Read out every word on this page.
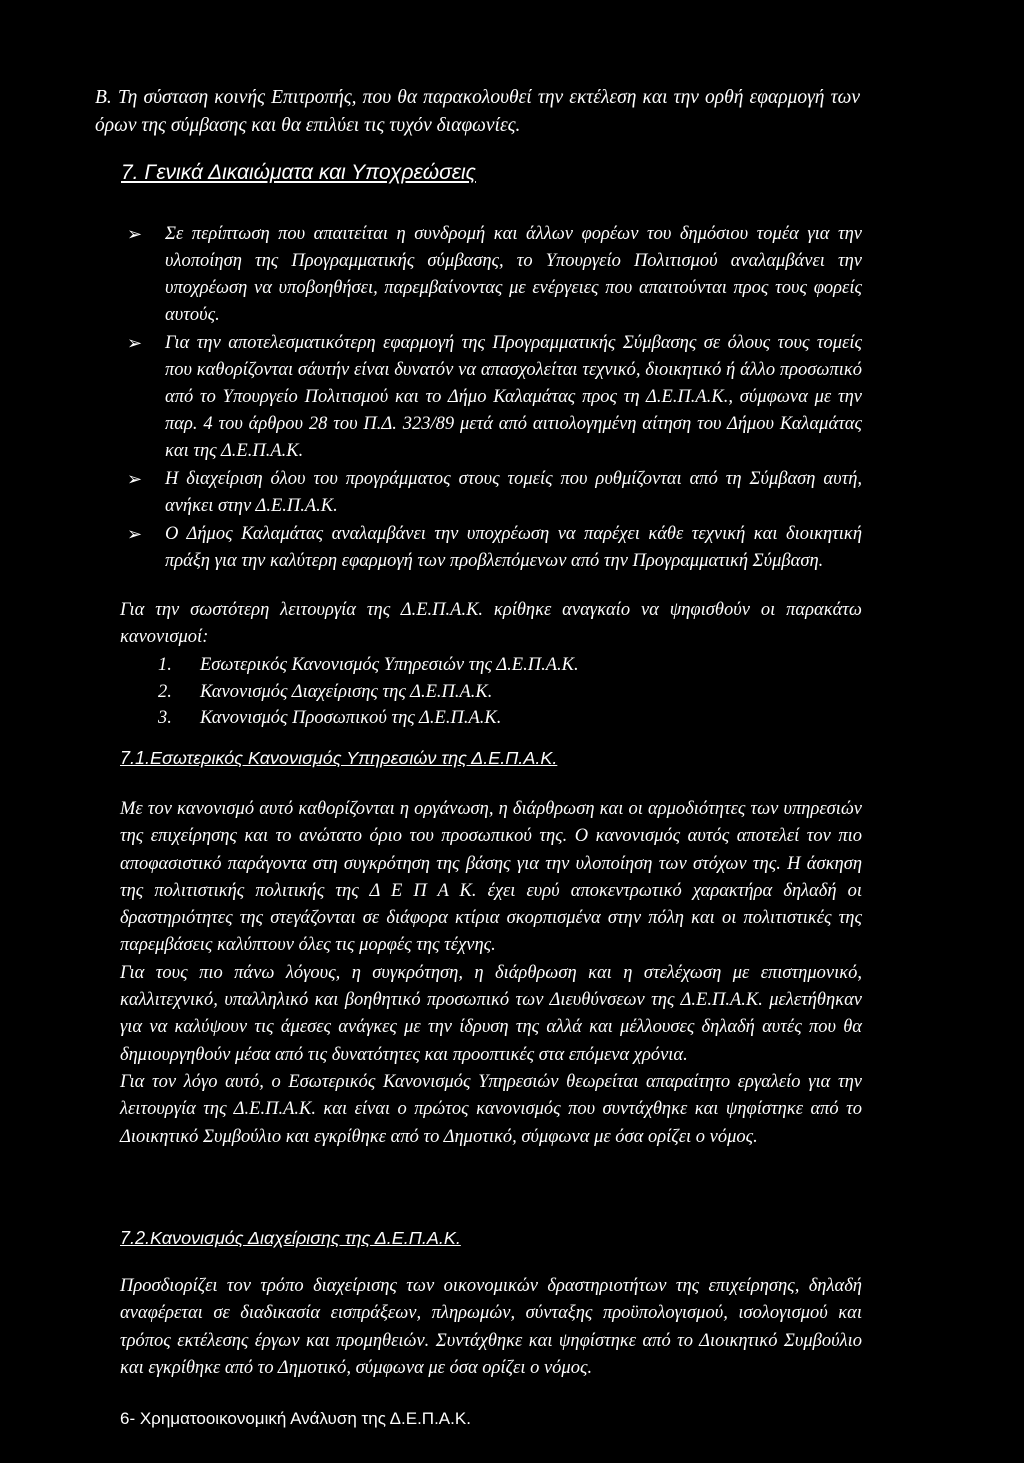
B. Τη σύσταση κοινής Επιτροπής, που θα παρακολουθεί την εκτέλεση και την ορθή εφαρμογή των όρων της σύμβασης και θα επιλύει τις τυχόν διαφωνίες.
7. Γενικά Δικαιώματα και Υποχρεώσεις
➢ Σε περίπτωση που απαιτείται η συνδρομή και άλλων φορέων του δημόσιου τομέα για την υλοποίηση της Προγραμματικής σύμβασης, το Υπουργείο Πολιτισμού αναλαμβάνει την υποχρέωση να υποβοηθήσει, παρεμβαίνοντας με ενέργειες που απαιτούνται προς τους φορείς αυτούς.
➢ Για την αποτελεσματικότερη εφαρμογή της Προγραμματικής Σύμβασης σε όλους τους τομείς που καθορίζονται σάυτήν είναι δυνατόν να απασχολείται τεχνικό, διοικητικό ή άλλο προσωπικό από το Υπουργείο Πολιτισμού και το Δήμο Καλαμάτας προς τη Δ.Ε.Π.Α.Κ., σύμφωνα με την παρ. 4 του άρθρου 28 του Π.Δ. 323/89 μετά από αιτιολογημένη αίτηση του Δήμου Καλαμάτας και της Δ.Ε.Π.Α.Κ.
➢ Η διαχείριση όλου του προγράμματος στους τομείς που ρυθμίζονται από τη Σύμβαση αυτή, ανήκει στην Δ.Ε.Π.Α.Κ.
➢ Ο Δήμος Καλαμάτας αναλαμβάνει την υποχρέωση να παρέχει κάθε τεχνική και διοικητική πράξη για την καλύτερη εφαρμογή των προβλεπόμενων από την Προγραμματική Σύμβαση.
Για την σωστότερη λειτουργία της Δ.Ε.Π.Α.Κ. κρίθηκε αναγκαίο να ψηφισθούν οι παρακάτω κανονισμοί:
1. Εσωτερικός Κανονισμός Υπηρεσιών της Δ.Ε.Π.Α.Κ.
2. Κανονισμός Διαχείρισης της Δ.Ε.Π.Α.Κ.
3. Κανονισμός Προσωπικού της Δ.Ε.Π.Α.Κ.
7.1.Εσωτερικός Κανονισμός Υπηρεσιών της Δ.Ε.Π.Α.Κ.

Με τον κανονισμό αυτό καθορίζονται η οργάνωση, η διάρθρωση και οι αρμοδιότητες των υπηρεσιών της επιχείρησης και το ανώτατο όριο του προσωπικού της. Ο κανονισμός αυτός αποτελεί τον πιο αποφασιστικό παράγοντα στη συγκρότηση της βάσης για την υλοποίηση των στόχων της. Η άσκηση της πολιτιστικής πολιτικής της Δ Ε Π Α Κ. έχει ευρύ αποκεντρωτικό χαρακτήρα δηλαδή οι δραστηριότητες της στεγάζονται σε διάφορα κτίρια σκορπισμένα στην πόλη και οι πολιτιστικές της παρεμβάσεις καλύπτουν όλες τις μορφές της τέχνης.

Για τους πιο πάνω λόγους, η συγκρότηση, η διάρθρωση και η στελέχωση με επιστημονικό, καλλιτεχνικό, υπαλληλικό και βοηθητικό προσωπικό των Διευθύνσεων της Δ.Ε.Π.Α.Κ. μελετήθηκαν για να καλύψουν τις άμεσες ανάγκες με την ίδρυση της αλλά και μέλλουσες δηλαδή αυτές που θα δημιουργηθούν μέσα από τις δυνατότητες και προοπτικές στα επόμενα χρόνια.

Για τον λόγο αυτό, ο Εσωτερικός Κανονισμός Υπηρεσιών θεωρείται απαραίτητο εργαλείο για την λειτουργία της Δ.Ε.Π.Α.Κ. και είναι ο πρώτος κανονισμός που συντάχθηκε και ψηφίστηκε από το Διοικητικό Συμβούλιο και εγκρίθηκε από το Δημοτικό, σύμφωνα με όσα ορίζει ο νόμος.

7.2.Κανονισμός Διαχείρισης της Δ.Ε.Π.Α.Κ.

Προσδιορίζει τον τρόπο διαχείρισης των οικονομικών δραστηριοτήτων της επιχείρησης, δηλαδή αναφέρεται σε διαδικασία εισπράξεων, πληρωμών, σύνταξης προϋπολογισμού, ισολογισμού και τρόπος εκτέλεσης έργων και προμηθειών. Συντάχθηκε και ψηφίστηκε από το Διοικητικό Συμβούλιο και εγκρίθηκε από το Δημοτικό, σύμφωνα με όσα ορίζει ο νόμος.

6- Χρηματοοικονομική Ανάλυση της Δ.Ε.Π.Α.Κ.
